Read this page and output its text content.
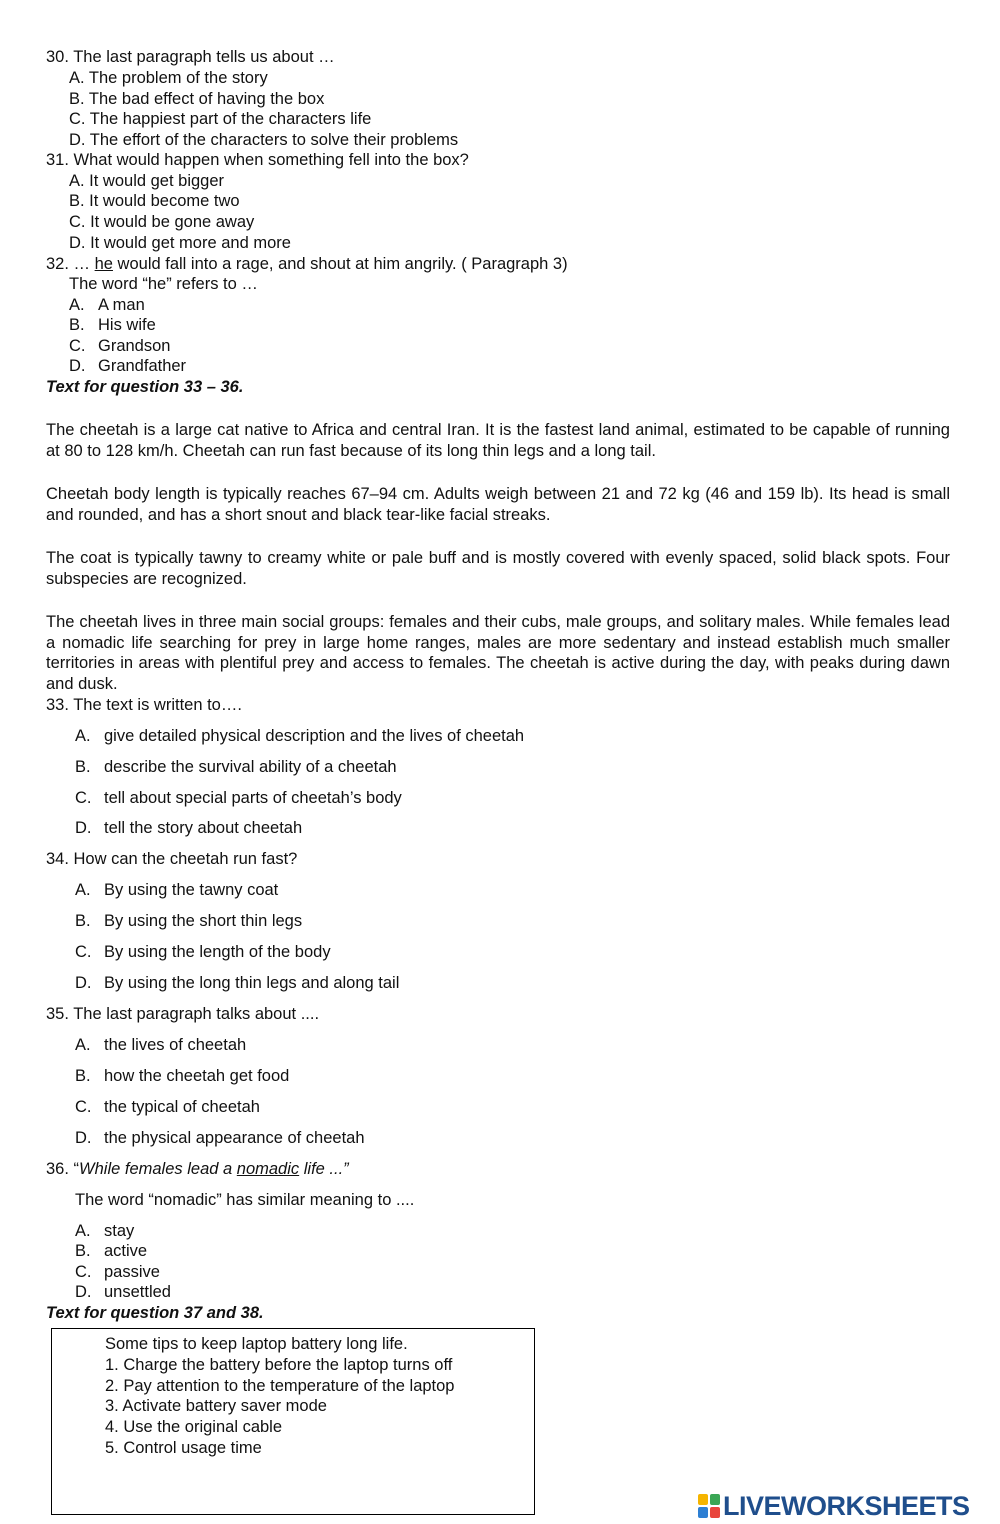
30. The last paragraph tells us about …
A. The problem of the story
B. The bad effect of having the box
C. The happiest part of the characters life
D. The effort of the characters to solve their problems
31. What would happen when something fell into the box?
A. It would get bigger
B. It would become two
C. It would be gone away
D. It would get more and more
32. … he would fall into a rage, and shout at him angrily. ( Paragraph 3)
The word “he” refers to …
A. A man
B. His wife
C. Grandson
D. Grandfather
Text for question 33 – 36.
The cheetah is a large cat native to Africa and central Iran. It is the fastest land animal, estimated to be capable of running at 80 to 128 km/h. Cheetah can run fast because of its long thin legs and a long tail.
Cheetah body length is typically reaches 67–94 cm. Adults weigh between 21 and 72 kg (46 and 159 lb). Its head is small and rounded, and has a short snout and black tear-like facial streaks.
The coat is typically tawny to creamy white or pale buff and is mostly covered with evenly spaced, solid black spots. Four subspecies are recognized.
The cheetah lives in three main social groups: females and their cubs, male groups, and solitary males. While females lead a nomadic life searching for prey in large home ranges, males are more sedentary and instead establish much smaller territories in areas with plentiful prey and access to females. The cheetah is active during the day, with peaks during dawn and dusk.
33. The text is written to….
A. give detailed physical description and the lives of cheetah
B. describe the survival ability of a cheetah
C. tell about special parts of cheetah’s body
D. tell the story about cheetah
34. How can the cheetah run fast?
A. By using the tawny coat
B. By using the short thin legs
C. By using the length of the body
D. By using the long thin legs and along tail
35. The last paragraph talks about ....
A. the lives of cheetah
B. how the cheetah get food
C. the typical of cheetah
D. the physical appearance of cheetah
36. “While females lead a nomadic life ...”
The word “nomadic” has similar meaning to ....
A. stay
B. active
C. passive
D. unsettled
Text for question 37 and 38.
Some tips to keep laptop battery long life.
1. Charge the battery before the laptop turns off
2. Pay attention to the temperature of the laptop
3. Activate battery saver mode
4. Use the original cable
5. Control usage time
LIVEWORKSHEETS
